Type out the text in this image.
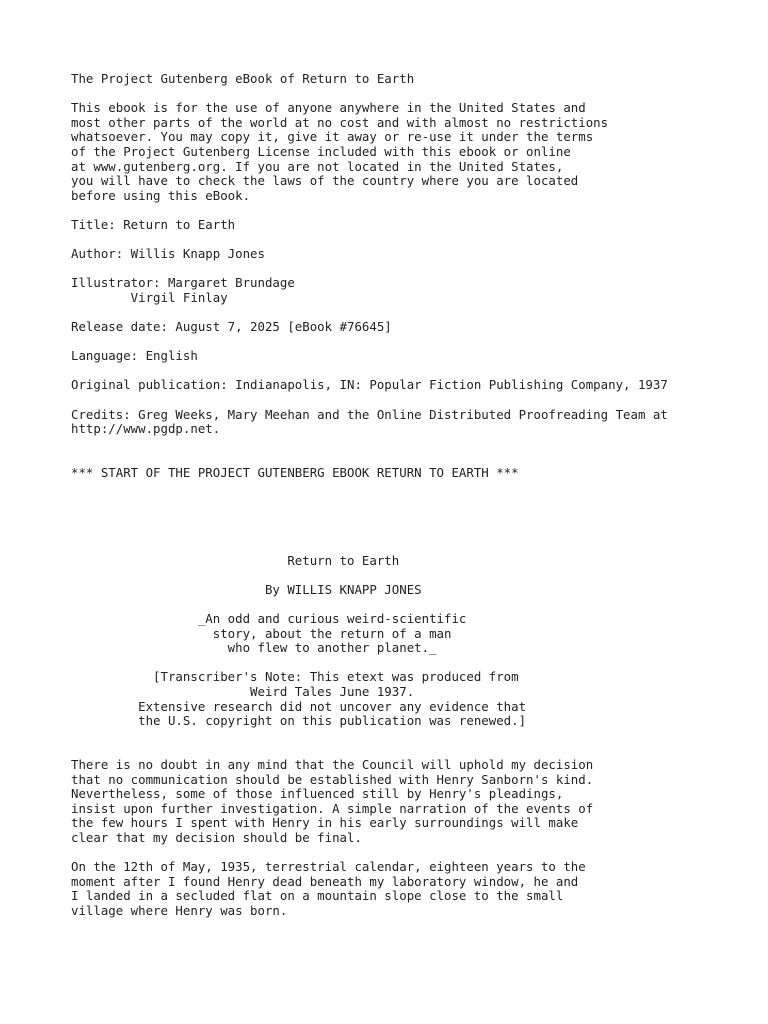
The Project Gutenberg eBook of Return to Earth
This ebook is for the use of anyone anywhere in the United States and
most other parts of the world at no cost and with almost no restrictions
whatsoever. You may copy it, give it away or re-use it under the terms
of the Project Gutenberg License included with this ebook or online
at www.gutenberg.org. If you are not located in the United States,
you will have to check the laws of the country where you are located
before using this eBook.
Title: Return to Earth
Author: Willis Knapp Jones
Illustrator: Margaret Brundage
Virgil Finlay
Release date: August 7, 2025 [eBook #76645]
Language: English
Original publication: Indianapolis, IN: Popular Fiction Publishing Company, 1937
Credits: Greg Weeks, Mary Meehan and the Online Distributed Proofreading Team at
http://www.pgdp.net.
*** START OF THE PROJECT GUTENBERG EBOOK RETURN TO EARTH ***
Return to Earth
By WILLIS KNAPP JONES
_An odd and curious weird-scientific
story, about the return of a man
who flew to another planet._
[Transcriber's Note: This etext was produced from
Weird Tales June 1937.
Extensive research did not uncover any evidence that
the U.S. copyright on this publication was renewed.]
There is no doubt in any mind that the Council will uphold my decision
that no communication should be established with Henry Sanborn's kind.
Nevertheless, some of those influenced still by Henry's pleadings,
insist upon further investigation. A simple narration of the events of
the few hours I spent with Henry in his early surroundings will make
clear that my decision should be final.
On the 12th of May, 1935, terrestrial calendar, eighteen years to the
moment after I found Henry dead beneath my laboratory window, he and
I landed in a secluded flat on a mountain slope close to the small
village where Henry was born.
